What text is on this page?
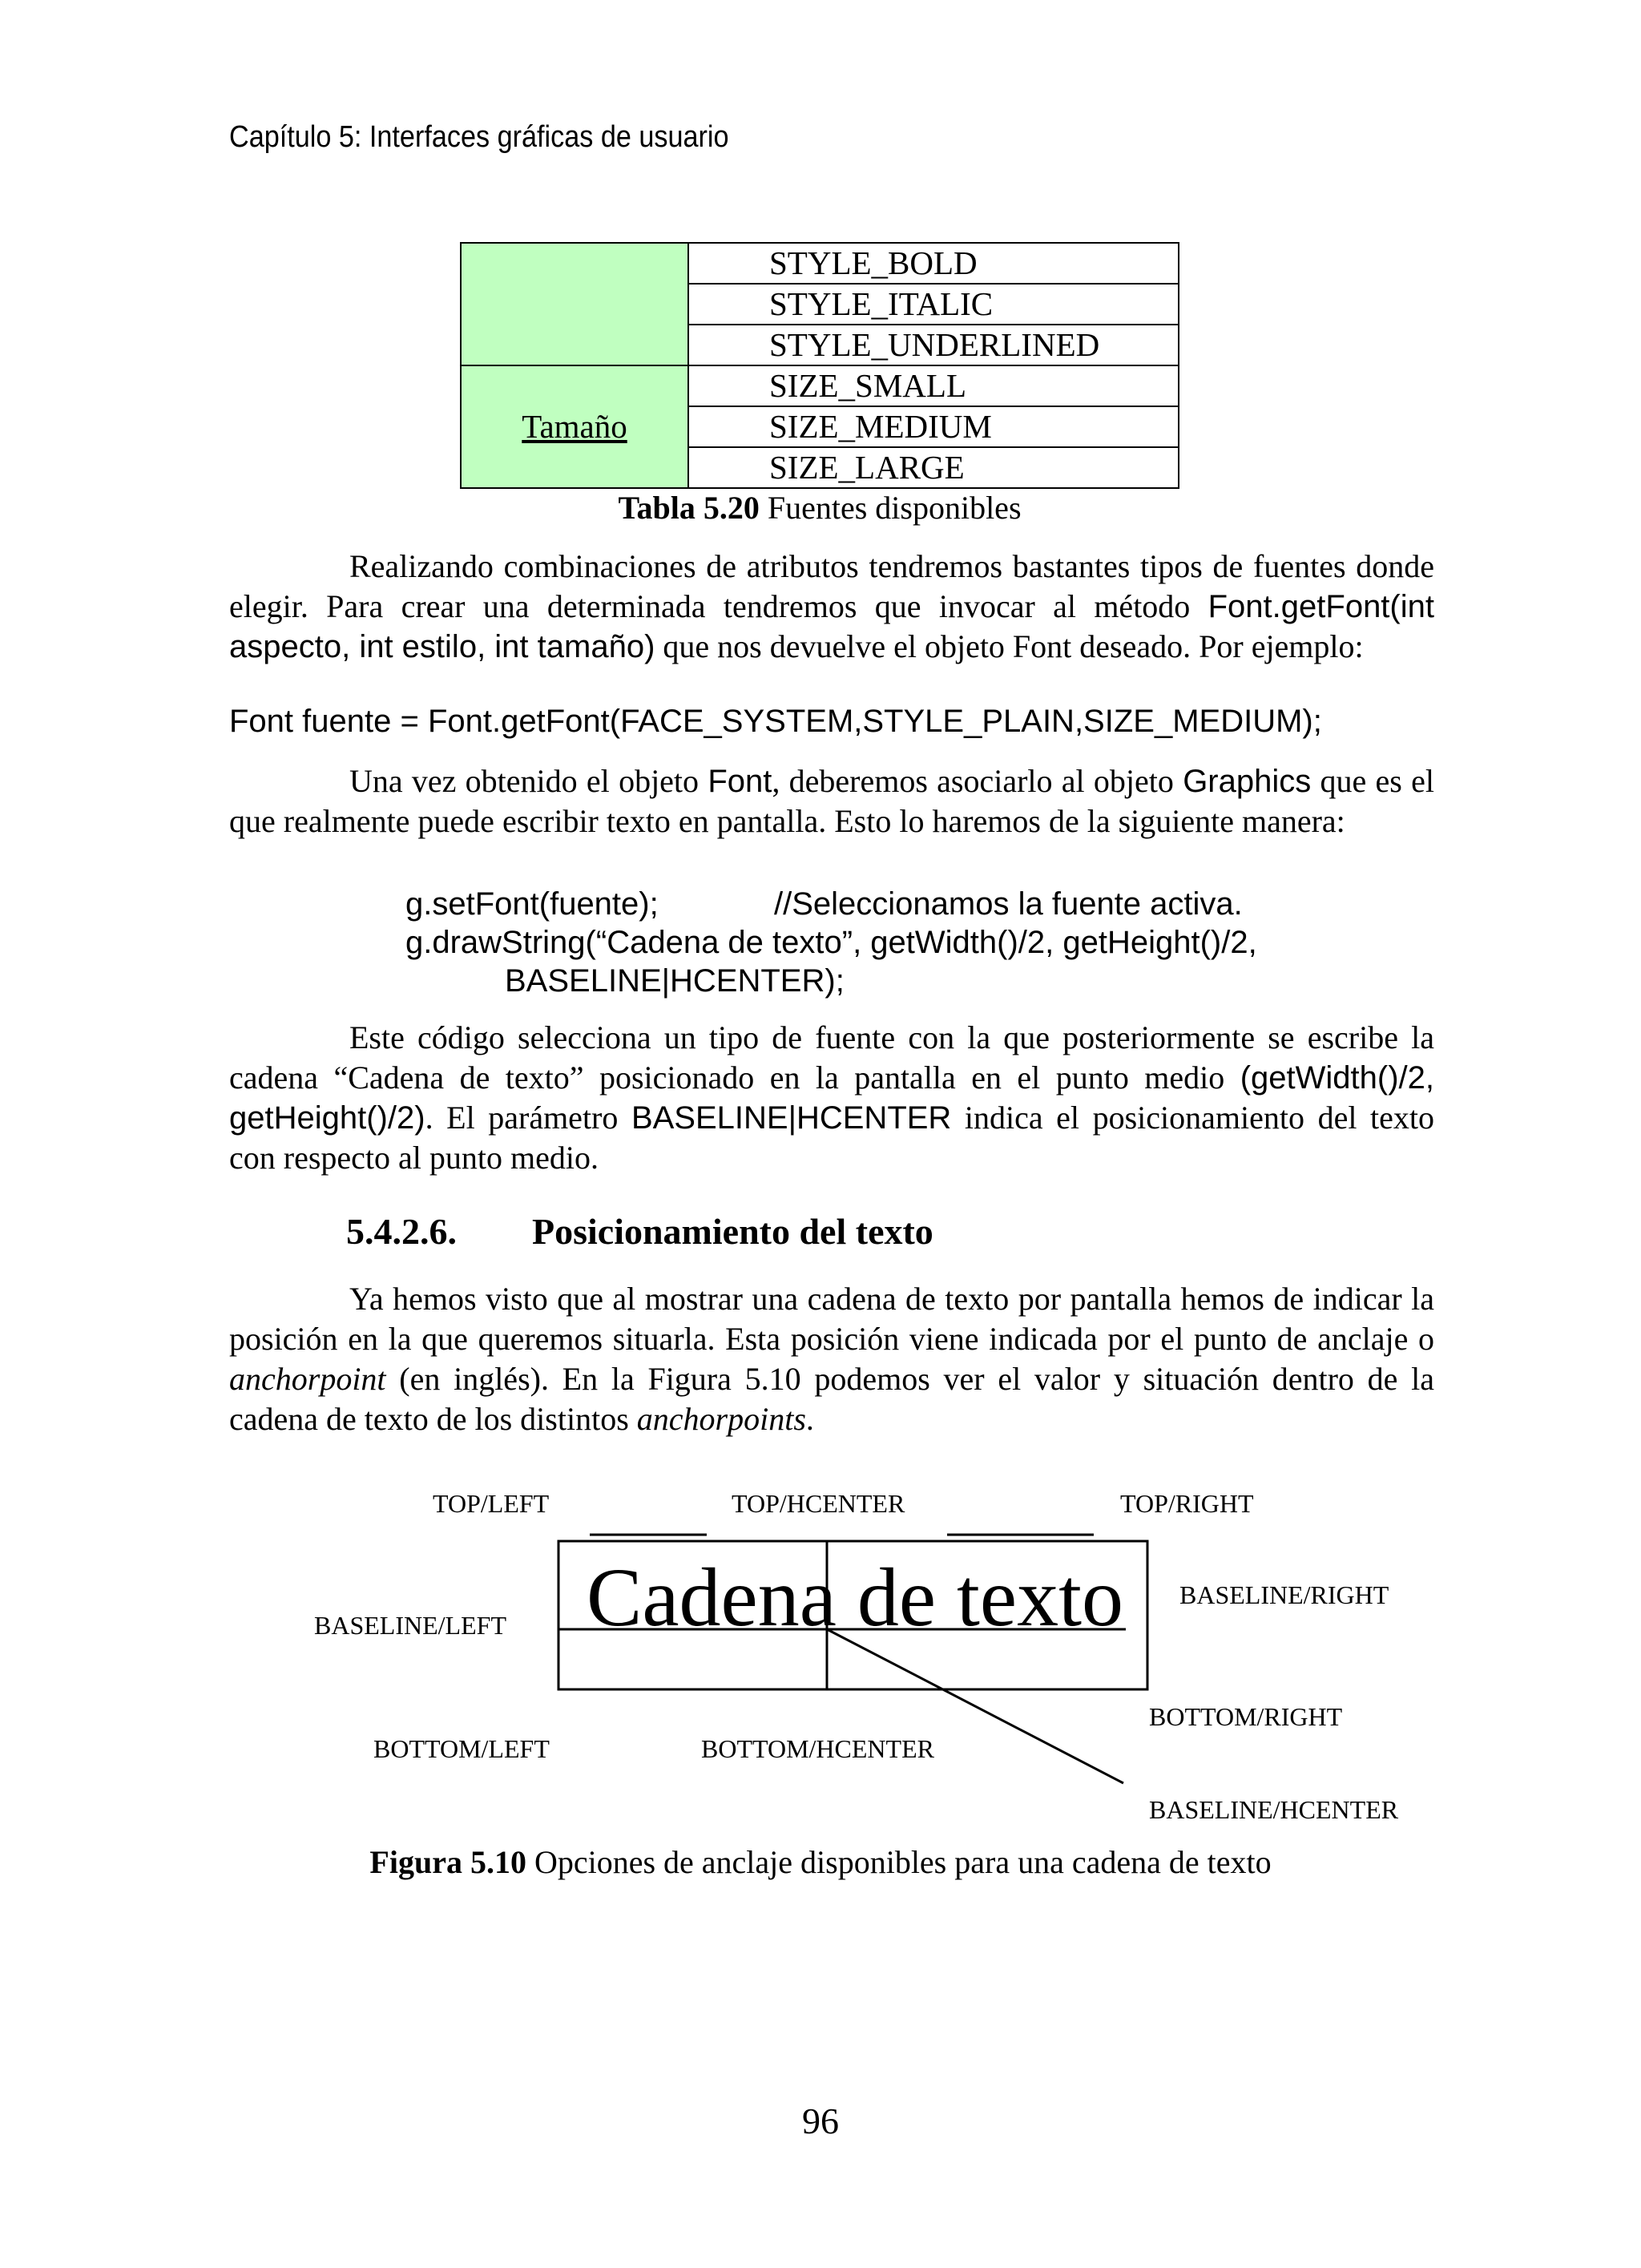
Capítulo 5: Interfaces gráficas de usuario
	STYLE_BOLD
	STYLE_ITALIC
	STYLE_UNDERLINED
Tamaño	SIZE_SMALL
	SIZE_MEDIUM
	SIZE_LARGE
Tabla 5.20 Fuentes disponibles

Realizando combinaciones de atributos tendremos bastantes tipos de fuentes donde elegir. Para crear una determinada tendremos que invocar al método Font.getFont(int aspecto, int estilo, int tamaño) que nos devuelve el objeto Font deseado. Por ejemplo:

Font fuente = Font.getFont(FACE_SYSTEM,STYLE_PLAIN,SIZE_MEDIUM);

Una vez obtenido el objeto Font, deberemos asociarlo al objeto Graphics que es el que realmente puede escribir texto en pantalla. Esto lo haremos de la siguiente manera:

g.setFont(fuente);	//Seleccionamos la fuente activa.
g.drawString(“Cadena de texto”, getWidth()/2, getHeight()/2,
BASELINE|HCENTER);

Este código selecciona un tipo de fuente con la que posteriormente se escribe la cadena “Cadena de texto” posicionado en la pantalla en el punto medio (getWidth()/2, getHeight()/2). El parámetro BASELINE|HCENTER indica el posicionamiento del texto con respecto al punto medio.

5.4.2.6. Posicionamiento del texto

Ya hemos visto que al mostrar una cadena de texto por pantalla hemos de indicar la posición en la que queremos situarla. Esta posición viene indicada por el punto de anclaje o anchorpoint (en inglés). En la Figura 5.10 podemos ver el valor y situación dentro de la cadena de texto de los distintos anchorpoints.

Cadena de texto
TOP/LEFT	TOP/HCENTER	TOP/RIGHT
BASELINE/LEFT
BASELINE/RIGHT
BOTTOM/RIGHT
BOTTOM/LEFT	BOTTOM/HCENTER
BASELINE/HCENTER
Figura 5.10 Opciones de anclaje disponibles para una cadena de texto
96
